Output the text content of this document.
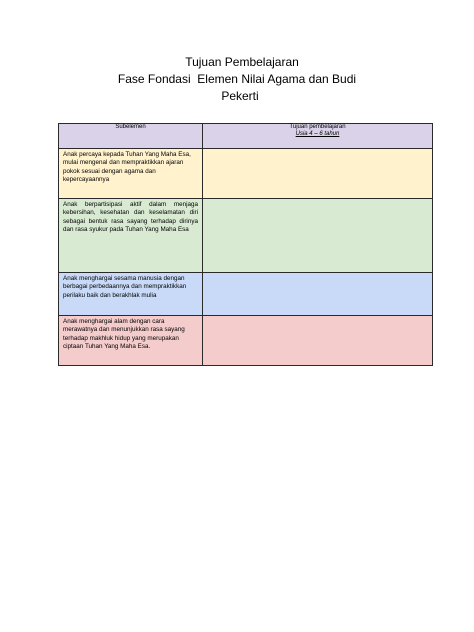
Tujuan Pembelajaran
Fase Fondasi  Elemen Nilai Agama dan Budi
Pekerti
Subelemen	Tujuan pembelajaran
Usia 4 – 6 tahun

Anak percaya kepada Tuhan Yang Maha Esa, mulai mengenal dan mempraktikkan ajaran pokok sesuai dengan agama dan kepercayaannya	

Anak berpartisipasi aktif dalam menjaga kebersihan, kesehatan dan keselamatan diri sebagai bentuk rasa sayang terhadap dirinya dan rasa syukur pada Tuhan Yang Maha Esa	

Anak menghargai sesama manusia dengan berbagai perbedaannya dan mempraktikkan perilaku baik dan berakhlak mulia	

Anak menghargai alam dengan cara merawatnya dan menunjukkan rasa sayang terhadap makhluk hidup yang merupakan ciptaan Tuhan Yang Maha Esa.	
